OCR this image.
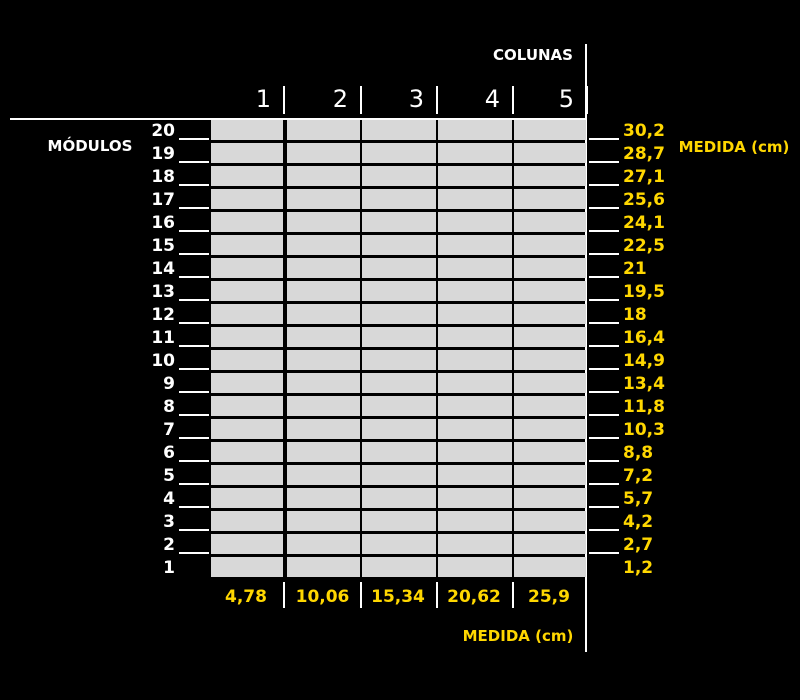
COLUNAS
MÓDULOS	MEDIDA (cm)
MEDIDA (cm)
1	2	3	4	5
20	30,2
19	28,7
18	27,1
17	25,6
16	24,1
15	22,5
14	21
13	19,5
12	18
11	16,4
10	14,9
9	13,4
8	11,8
7	10,3
6	8,8
5	7,2
4	5,7
3	4,2
2	2,7
1	1,2
4,78	10,06	15,34	20,62	25,9
